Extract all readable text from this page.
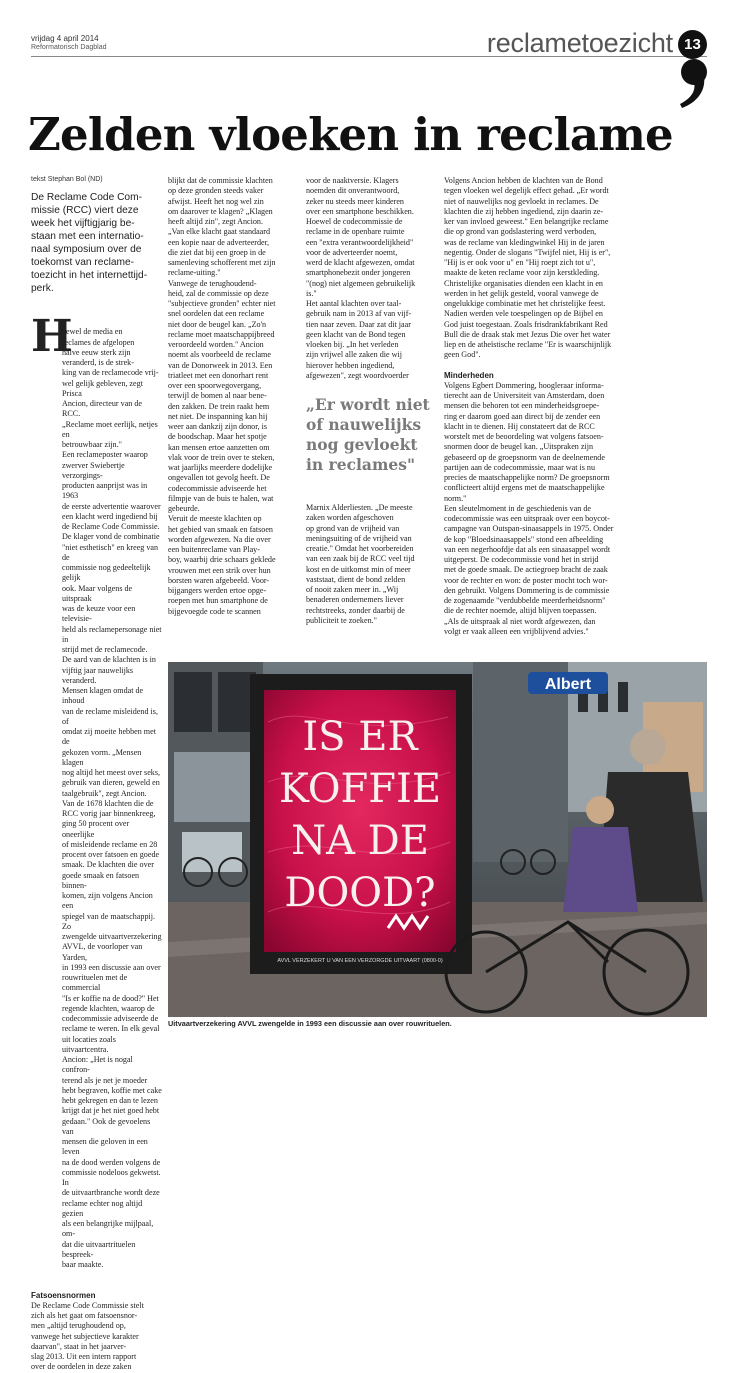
vrijdag 4 april 2014
Reformatorisch Dagblad	reclametoezicht 13
Zelden vloeken in reclame
tekst Stephan Bol (ND)
De Reclame Code Com-
missie (RCC) viert deze
week het vijftigjarig be-
staan met een internatio-
naal symposium over de
toekomst van reclame-
toezicht in het internettijd-
perk.
H

oewel de media en
reclames de afgelopen
halve eeuw sterk zijn
veranderd, is de strek-
king van de reclamecode vrij-
wel gelijk gebleven, zegt Prisca
Ancion, directeur van de RCC.
„Reclame moet eerlijk, netjes en
betrouwbaar zijn."
Een reclameposter waarop
zwerver Swiebertje verzorgings-
producten aanprijst was in 1963
de eerste advertentie waarover
een klacht werd ingediend bij
de Reclame Code Commissie.
De klager vond de combinatie
"niet esthetisch" en kreeg van de
commissie nog gedeeltelijk gelijk
ook. Maar volgens de uitspraak
was de keuze voor een televisie-
held als reclamepersonage niet in
strijd met de reclamecode.
De aard van de klachten is in
vijftig jaar nauwelijks veranderd.
Mensen klagen omdat de inhoud
van de reclame misleidend is, of
omdat zij moeite hebben met de
gekozen vorm. „Mensen klagen
nog altijd het meest over seks,
gebruik van dieren, geweld en
taalgebruik", zegt Ancion.
Van de 1678 klachten die de
RCC vorig jaar binnenkreeg,
ging 50 procent over oneerlijke
of misleidende reclame en 28
procent over fatsoen en goede
smaak. De klachten die over
goede smaak en fatsoen binnen-
komen, zijn volgens Ancion een
spiegel van de maatschappij. Zo
zwengelde uitvaartverzekering
AVVL, de voorloper van Yarden,
in 1993 een discussie aan over
rouwrituelen met de commercial
"Is er koffie na de dood?" Het
regende klachten, waarop de
codecommissie adviseerde de
reclame te weren. In elk geval
uit locaties zoals uitvaartcentra.
Ancion: „Het is nogal confron-
terend als je net je moeder
hebt begraven, koffie met cake
hebt gekregen en dan te lezen
krijgt dat je het niet goed hebt
gedaan." Ook de gevoelens van
mensen die geloven in een leven
na de dood werden volgens de
commissie nodeloos gekwetst. In
de uitvaartbranche wordt deze
reclame echter nog altijd gezien
als een belangrijke mijlpaal, om-
dat die uitvaartrituelen bespreek-
baar maakte.

Fatsoensnormen

De Reclame Code Commissie stelt
zich als het gaat om fatsoensnor-
men „altijd terughoudend op,
vanwege het subjectieve karakter
daarvan", staat in het jaarver-
slag 2013. Uit een intern rapport
over de oordelen in deze zaken

blijkt dat de commissie klachten
op deze gronden steeds vaker
afwijst. Heeft het nog wel zin
om daarover te klagen? „Klagen
heeft altijd zin", zegt Ancion.
„Van elke klacht gaat standaard
een kopie naar de adverteerder,
die ziet dat bij een groep in de
samenleving schofferent met zijn
reclame-uiting."
Vanwege de terughoudend-
heid, zal de commissie op deze
"subjectieve gronden" echter niet
snel oordelen dat een reclame
niet door de beugel kan. „Zo'n
reclame moet maatschappijbreed
veroordeeld worden." Ancion
noemt als voorbeeld de reclame
van de Donorweek in 2013. Een
triatleet met een donorhart rent
over een spoorwegovergang,
terwijl de bomen al naar bene-
den zakken. De trein raakt hem
net niet. De inspanning kan hij
weer aan dankzij zijn donor, is
de boodschap. Maar het spotje
kan mensen ertoe aanzetten om
vlak voor de trein over te steken,
wat jaarlijks meerdere dodelijke
ongevallen tot gevolg heeft. De
codecommissie adviseerde het
filmpje van de buis te halen, wat
gebeurde.
Veruit de meeste klachten op
het gebied van smaak en fatsoen
worden afgewezen. Na die over
een buitenreclame van Play-
boy, waarbij drie schaars geklede
vrouwen met een strik over hun
borsten waren afgebeeld. Voor-
bijgangers werden ertoe opge-
roepen met hun smartphone de
bijgevoegde code te scannen

voor de naaktversie. Klagers
noemden dit onverantwoord,
zeker nu steeds meer kinderen
over een smartphone beschikken.
Hoewel de codecommissie de
reclame in de openbare ruimte
een "extra verantwoordelijkheid"
voor de adverteerder noemt,
werd de klacht afgewezen, omdat
smartphonebezit onder jongeren
"(nog) niet algemeen gebruikelijk
is."
Het aantal klachten over taal-
gebruik nam in 2013 af van vijf-
tien naar zeven. Daar zat dit jaar
geen klacht van de Bond tegen
vloeken bij. „In het verleden
zijn vrijwel alle zaken die wij
hierover hebben ingediend,
afgewezen", zegt woordvoerder

„Er wordt niet
of nauwelijks
nog gevloekt
in reclames"

Marnix Alderliesten. „De meeste
zaken worden afgeschoven
op grond van de vrijheid van
meningsuiting of de vrijheid van
creatie." Omdat het voorbereiden
van een zaak bij de RCC veel tijd
kost en de uitkomst min of meer
vaststaat, dient de bond zelden
of nooit zaken meer in. „Wij
benaderen ondernemers liever
rechtstreeks, zonder daarbij de
publiciteit te zoeken."

Volgens Ancion hebben de klachten van de Bond
tegen vloeken wel degelijk effect gehad. „Er wordt
niet of nauwelijks nog gevloekt in reclames. De
klachten die zij hebben ingediend, zijn daarin ze-
ker van invloed geweest." Een belangrijke reclame
die op grond van godslastering werd verboden,
was de reclame van kledingwinkel Hij in de jaren
negentig. Onder de slogans "Twijfel niet, Hij is er",
"Hij is er ook voor u" en "Hij roept zich tot u",
maakte de keten reclame voor zijn kerstkleding.
Christelijke organisaties dienden een klacht in en
werden in het gelijk gesteld, vooral vanwege de
ongelukkige combinatie met het christelijke feest.
Nadien werden vele toespelingen op de Bijbel en
God juist toegestaan. Zoals frisdrankfabrikant Red
Bull die de draak stak met Jezus Die over het water
liep en de atheïstische reclame "Er is waarschijnlijk
geen God".

Minderheden

Volgens Egbert Dommering, hoogleraar informa-
tierecht aan de Universiteit van Amsterdam, doen
mensen die behoren tot een minderheidsgroepe-
ring er daarom goed aan direct bij de zender een
klacht in te dienen. Hij constateert dat de RCC
worstelt met de beoordeling wat volgens fatsoen-
snormen door de beugel kan. „Uitspraken zijn
gebaseerd op de groepsnorm van de deelnemende
partijen aan de codecommissie, maar wat is nu
precies de maatschappelijke norm? De groepsnorm
conflicteert altijd ergens met de maatschappelijke
norm."
Een sleutelmoment in de geschiedenis van de
codecommissie was een uitspraak over een boycot-
campagne van Outspan-sinaasappels in 1975. Onder
de kop "Bloedsinaasappels" stond een afbeelding
van een negerhoofdje dat als een sinaasappel wordt
uitgeperst. De codecommissie vond het in strijd
met de goede smaak. De actiegroep bracht de zaak
voor de rechter en won: de poster mocht toch wor-
den gebruikt. Volgens Dommering is de commissie
de zogenaamde "verdubbelde meerderheidsnorm"
die de rechter noemde, altijd blijven toepassen.
„Als de uitspraak al niet wordt afgewezen, dan
volgt er vaak alleen een vrijblijvend advies."

Albert
IS ER
KOFFIE
NA DE
DOOD?
AVVL VERZEKERT U VAN EEN VERZORGDE UITVAART (0800-0)
Uitvaartverzekering AVVL zwengelde in 1993 een discussie aan over rouwrituelen.
